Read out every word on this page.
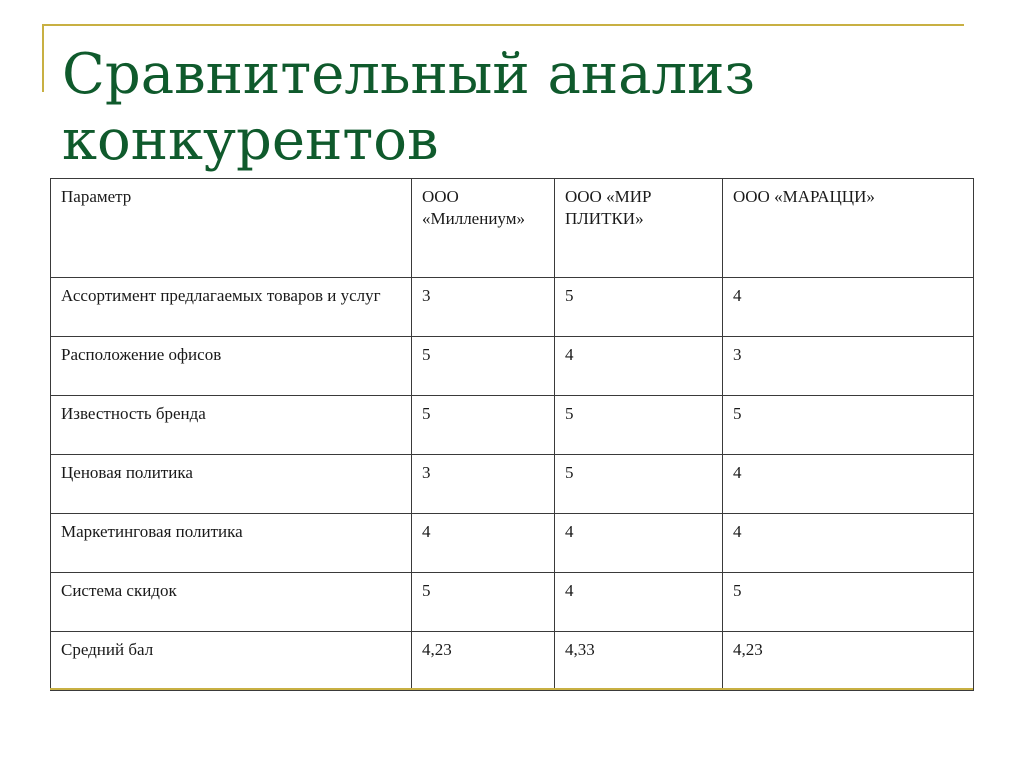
Сравнительный анализ конкурентов
Параметр	ООО «Миллениум»	ООО «МИР ПЛИТКИ»	ООО «МАРАЦЦИ»
Ассортимент предлагаемых товаров и услуг	3	5	4
Расположение офисов	5	4	3
Известность бренда	5	5	5
Ценовая политика	3	5	4
Маркетинговая политика	4	4	4
Система скидок	5	4	5
Средний бал	4,23	4,33	4,23
